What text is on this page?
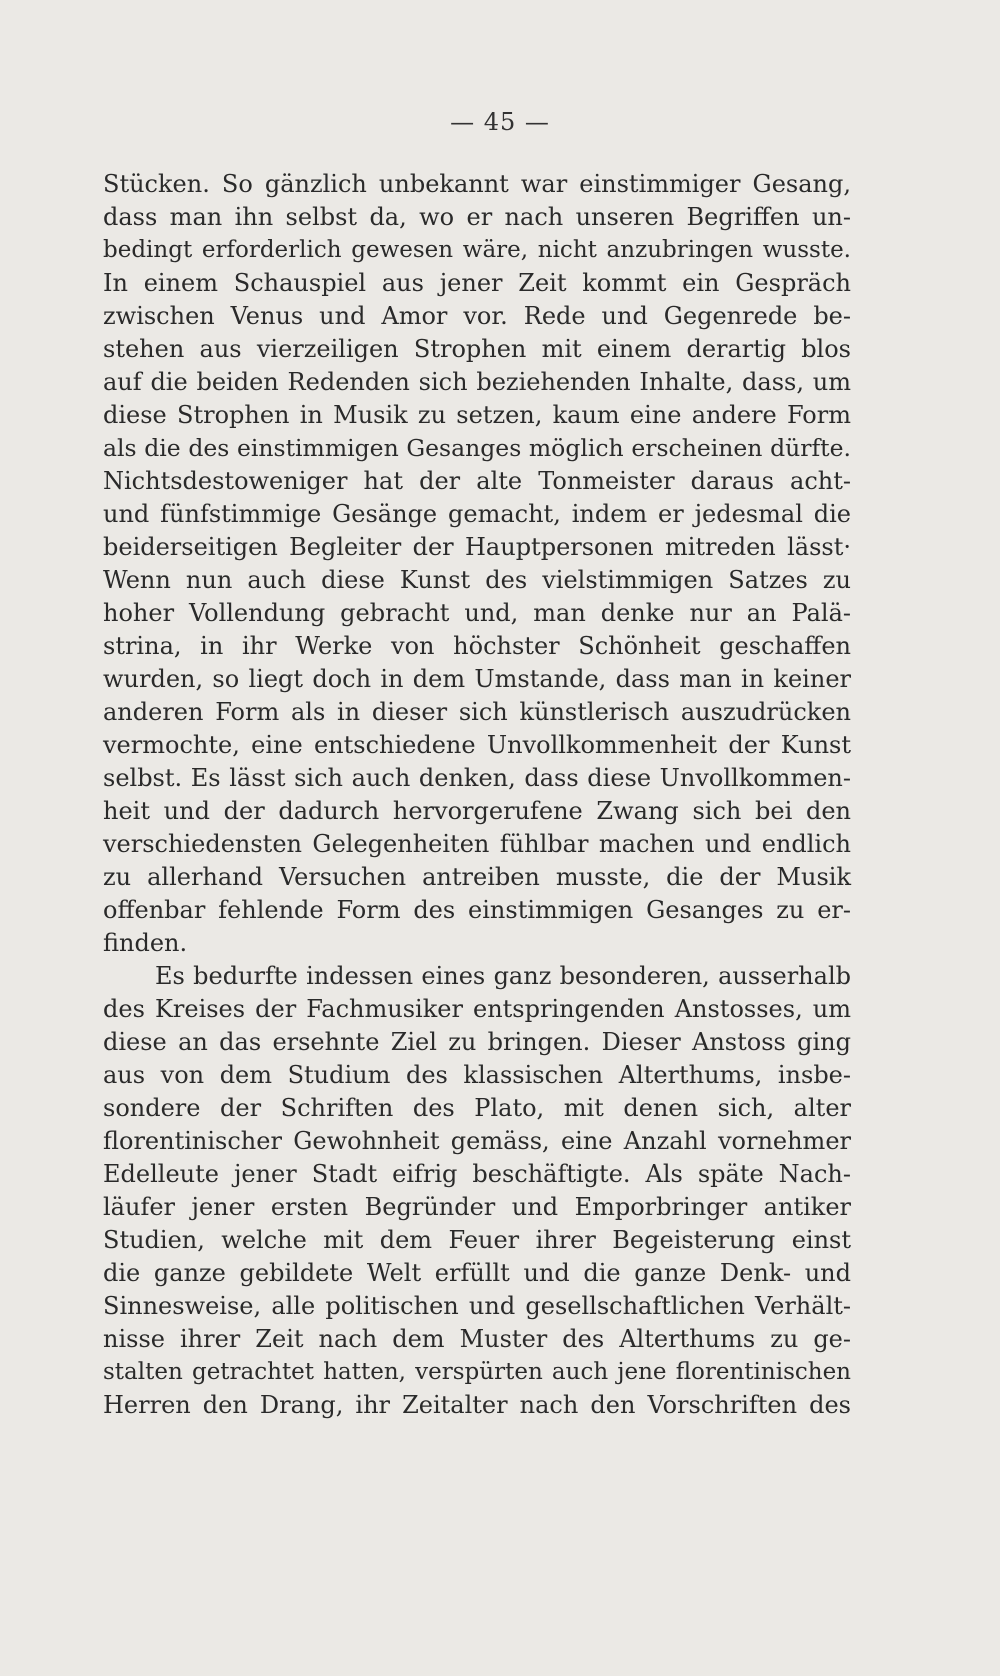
— 45 —
Stücken. So gänzlich unbekannt war einstimmiger Gesang,
dass man ihn selbst da, wo er nach unseren Begriffen un-
bedingt erforderlich gewesen wäre, nicht anzubringen wusste.
In einem Schauspiel aus jener Zeit kommt ein Gespräch
zwischen Venus und Amor vor. Rede und Gegenrede be-
stehen aus vierzeiligen Strophen mit einem derartig blos
auf die beiden Redenden sich beziehenden Inhalte, dass, um
diese Strophen in Musik zu setzen, kaum eine andere Form
als die des einstimmigen Gesanges möglich erscheinen dürfte.
Nichtsdestoweniger hat der alte Tonmeister daraus acht-
und fünfstimmige Gesänge gemacht, indem er jedesmal die
beiderseitigen Begleiter der Hauptpersonen mitreden lässt·
Wenn nun auch diese Kunst des vielstimmigen Satzes zu
hoher Vollendung gebracht und, man denke nur an Palä-
strina, in ihr Werke von höchster Schönheit geschaffen
wurden, so liegt doch in dem Umstande, dass man in keiner
anderen Form als in dieser sich künstlerisch auszudrücken
vermochte, eine entschiedene Unvollkommenheit der Kunst
selbst. Es lässt sich auch denken, dass diese Unvollkommen-
heit und der dadurch hervorgerufene Zwang sich bei den
verschiedensten Gelegenheiten fühlbar machen und endlich
zu allerhand Versuchen antreiben musste, die der Musik
offenbar fehlende Form des einstimmigen Gesanges zu er-
finden.
Es bedurfte indessen eines ganz besonderen, ausserhalb
des Kreises der Fachmusiker entspringenden Anstosses, um
diese an das ersehnte Ziel zu bringen. Dieser Anstoss ging
aus von dem Studium des klassischen Alterthums, insbe-
sondere der Schriften des Plato, mit denen sich, alter
florentinischer Gewohnheit gemäss, eine Anzahl vornehmer
Edelleute jener Stadt eifrig beschäftigte. Als späte Nach-
läufer jener ersten Begründer und Emporbringer antiker
Studien, welche mit dem Feuer ihrer Begeisterung einst
die ganze gebildete Welt erfüllt und die ganze Denk- und
Sinnesweise, alle politischen und gesellschaftlichen Verhält-
nisse ihrer Zeit nach dem Muster des Alterthums zu ge-
stalten getrachtet hatten, verspürten auch jene florentinischen
Herren den Drang, ihr Zeitalter nach den Vorschriften des
